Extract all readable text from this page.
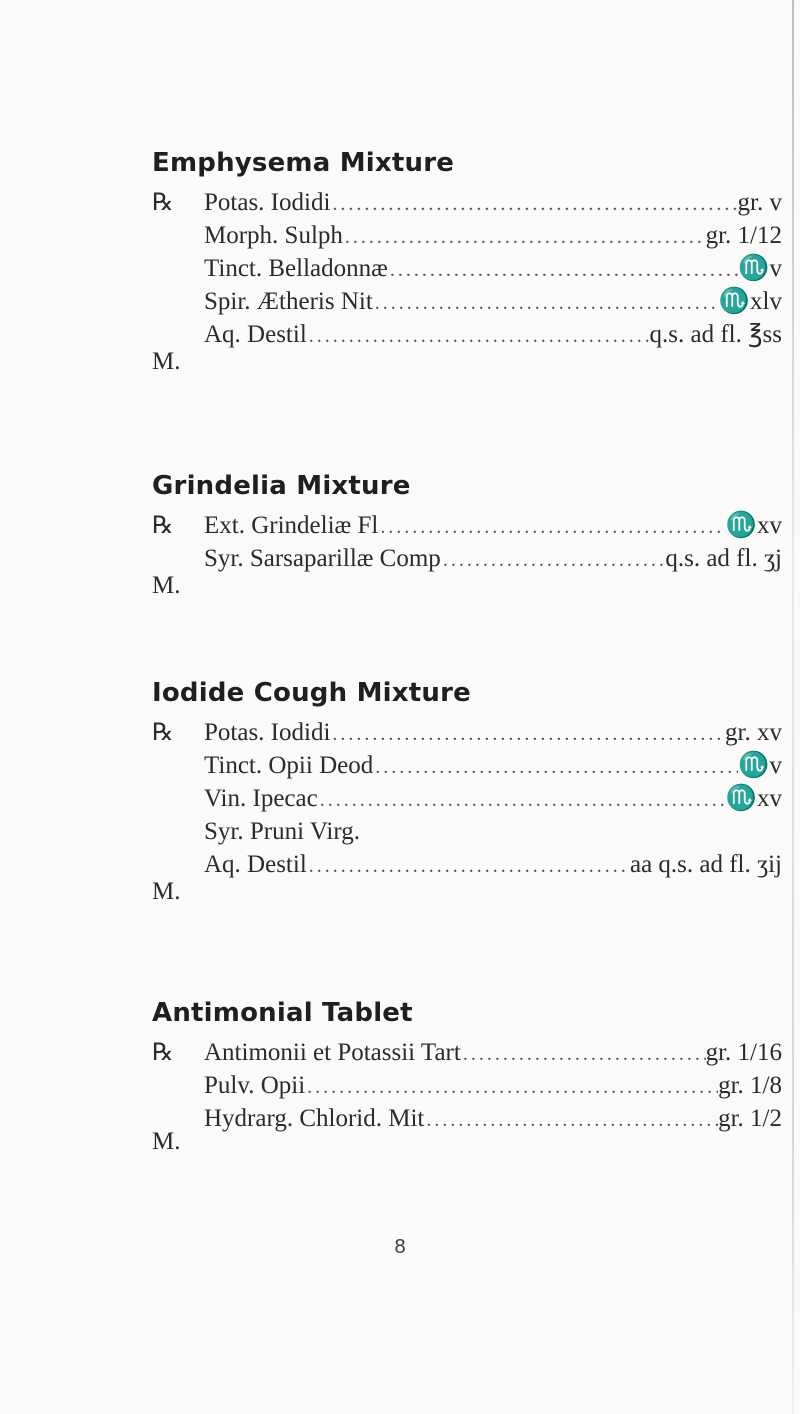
Emphysema Mixture
℞	Potas. Iodidi .....	gr. v
Morph. Sulph .....	gr. 1/12
Tinct. Belladonnæ .....	♏v
Spir. Ætheris Nit .....	♏xlv
Aq. Destil .....	q.s. ad fl. ℥ss
M.
Grindelia Mixture
℞	Ext. Grindeliæ Fl .....	♏xv
Syr. Sarsaparillæ Comp .....	q.s. ad fl. ʒj
M.
Iodide Cough Mixture
℞	Potas. Iodidi .....	gr. xv
Tinct. Opii Deod .....	♏v
Vin. Ipecac .....	♏xv
Syr. Pruni Virg.
Aq. Destil .....	aa q.s. ad fl. ʒij
M.
Antimonial Tablet
℞	Antimonii et Potassii Tart .....	gr. 1/16
Pulv. Opii .....	gr. 1/8
Hydrarg. Chlorid. Mit .....	gr. 1/2
M.
8
